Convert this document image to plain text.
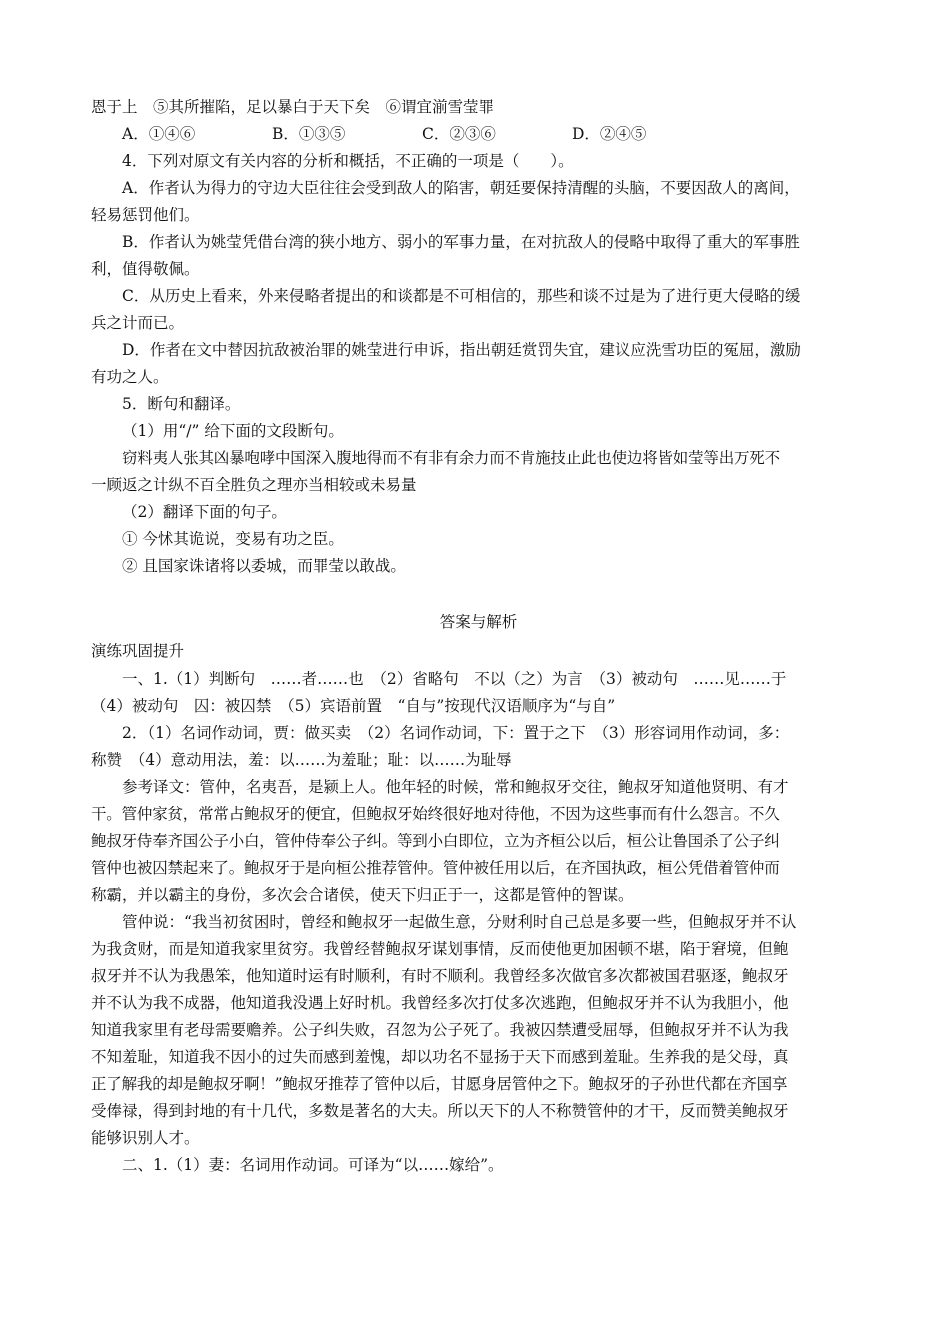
恩于上　⑤其所摧陷，足以暴白于天下矣　⑥谓宜湔雪莹罪
A．①④⑥	B．①③⑤	C．②③⑥	D．②④⑤
4．下列对原文有关内容的分析和概括，不正确的一项是（　　）。
A．作者认为得力的守边大臣往往会受到敌人的陷害，朝廷要保持清醒的头脑，不要因敌人的离间，
轻易惩罚他们。
B．作者认为姚莹凭借台湾的狭小地方、弱小的军事力量，在对抗敌人的侵略中取得了重大的军事胜
利，值得敬佩。
C．从历史上看来，外来侵略者提出的和谈都是不可相信的，那些和谈不过是为了进行更大侵略的缓
兵之计而已。
D．作者在文中替因抗敌被治罪的姚莹进行申诉，指出朝廷赏罚失宜，建议应洗雪功臣的冤屈，激励
有功之人。
5．断句和翻译。
（1）用“/” 给下面的文段断句。
窃料夷人张其凶暴咆哮中国深入腹地得而不有非有余力而不肯施技止此也使边将皆如莹等出万死不
一顾返之计纵不百全胜负之理亦当相较或未易量
（2）翻译下面的句子。
① 今怵其诡说，变易有功之臣。
② 且国家诛诸将以委城，而罪莹以敢战。
答案与解析
演练巩固提升
一、1.（1）判断句　……者……也　（2）省略句　不以（之）为言　（3）被动句　……见……于
（4）被动句　囚：被囚禁　（5）宾语前置　“自与”按现代汉语顺序为“与自”
2．（1）名词作动词，贾：做买卖　（2）名词作动词，下：置于之下　（3）形容词用作动词，多：
称赞　（4）意动用法，羞：以……为羞耻；耻：以……为耻辱
参考译文：管仲，名夷吾，是颍上人。他年轻的时候，常和鲍叔牙交往，鲍叔牙知道他贤明、有才
干。管仲家贫，常常占鲍叔牙的便宜，但鲍叔牙始终很好地对待他，不因为这些事而有什么怨言。不久
鲍叔牙侍奉齐国公子小白，管仲侍奉公子纠。等到小白即位，立为齐桓公以后，桓公让鲁国杀了公子纠
管仲也被囚禁起来了。鲍叔牙于是向桓公推荐管仲。管仲被任用以后，在齐国执政，桓公凭借着管仲而
称霸，并以霸主的身份，多次会合诸侯，使天下归正于一，这都是管仲的智谋。
管仲说：“我当初贫困时，曾经和鲍叔牙一起做生意，分财利时自己总是多要一些，但鲍叔牙并不认
为我贪财，而是知道我家里贫穷。我曾经替鲍叔牙谋划事情，反而使他更加困顿不堪，陷于窘境，但鲍
叔牙并不认为我愚笨，他知道时运有时顺利，有时不顺利。我曾经多次做官多次都被国君驱逐，鲍叔牙
并不认为我不成器，他知道我没遇上好时机。我曾经多次打仗多次逃跑，但鲍叔牙并不认为我胆小，他
知道我家里有老母需要赡养。公子纠失败，召忽为公子死了。我被囚禁遭受屈辱，但鲍叔牙并不认为我
不知羞耻，知道我不因小的过失而感到羞愧，却以功名不显扬于天下而感到羞耻。生养我的是父母，真
正了解我的却是鲍叔牙啊！”鲍叔牙推荐了管仲以后，甘愿身居管仲之下。鲍叔牙的子孙世代都在齐国享
受俸禄，得到封地的有十几代，多数是著名的大夫。所以天下的人不称赞管仲的才干，反而赞美鲍叔牙
能够识别人才。
二、1.（1）妻：名词用作动词。可译为“以……嫁给”。
